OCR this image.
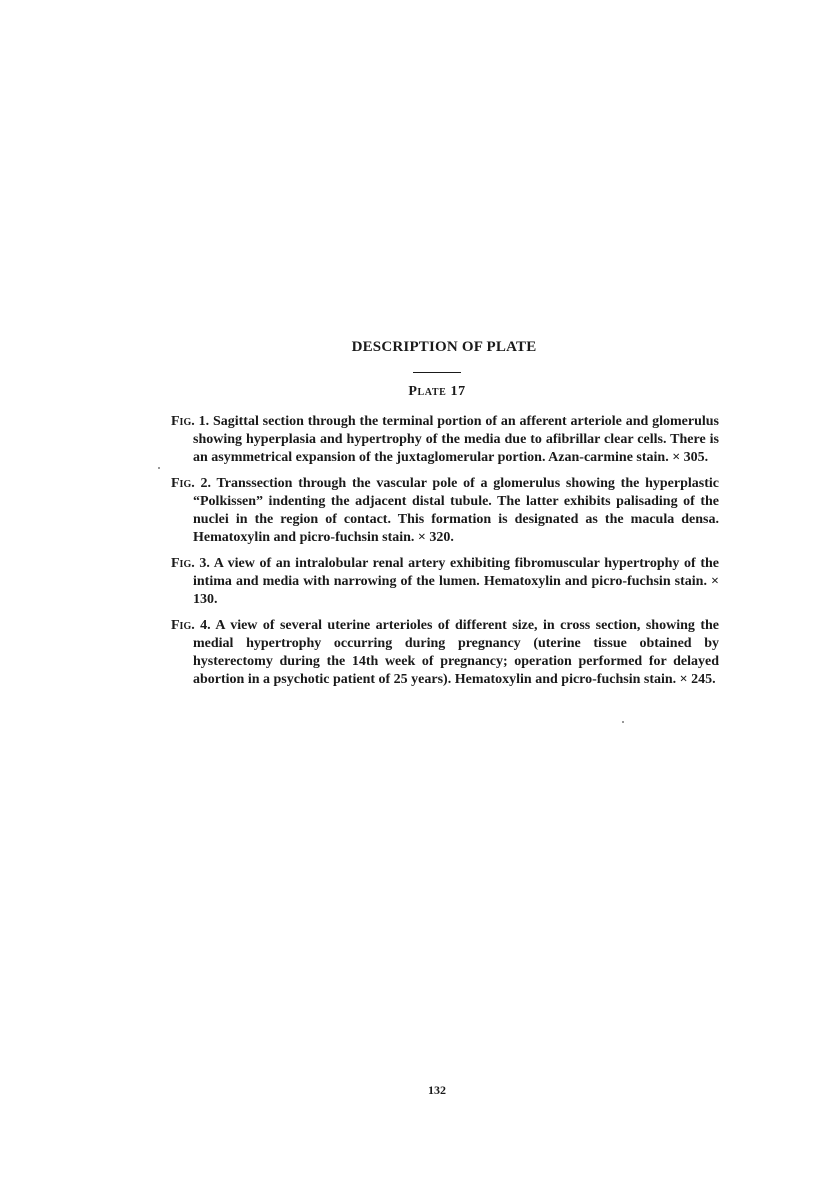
DESCRIPTION OF PLATE
Plate 17

Fig. 1. Sagittal section through the terminal portion of an afferent arteriole and glomerulus showing hyperplasia and hypertrophy of the media due to afibrillar clear cells. There is an asymmetrical expansion of the juxtaglomerular portion. Azan-carmine stain. × 305.

Fig. 2. Transsection through the vascular pole of a glomerulus showing the hyperplastic “Polkissen” indenting the adjacent distal tubule. The latter exhibits palisading of the nuclei in the region of contact. This formation is designated as the macula densa. Hematoxylin and picro-fuchsin stain. × 320.

Fig. 3. A view of an intralobular renal artery exhibiting fibromuscular hypertrophy of the intima and media with narrowing of the lumen. Hematoxylin and picro-fuchsin stain. × 130.

Fig. 4. A view of several uterine arterioles of different size, in cross section, showing the medial hypertrophy occurring during pregnancy (uterine tissue obtained by hysterectomy during the 14th week of pregnancy; operation performed for delayed abortion in a psychotic patient of 25 years). Hematoxylin and picro-fuchsin stain. × 245.

132
